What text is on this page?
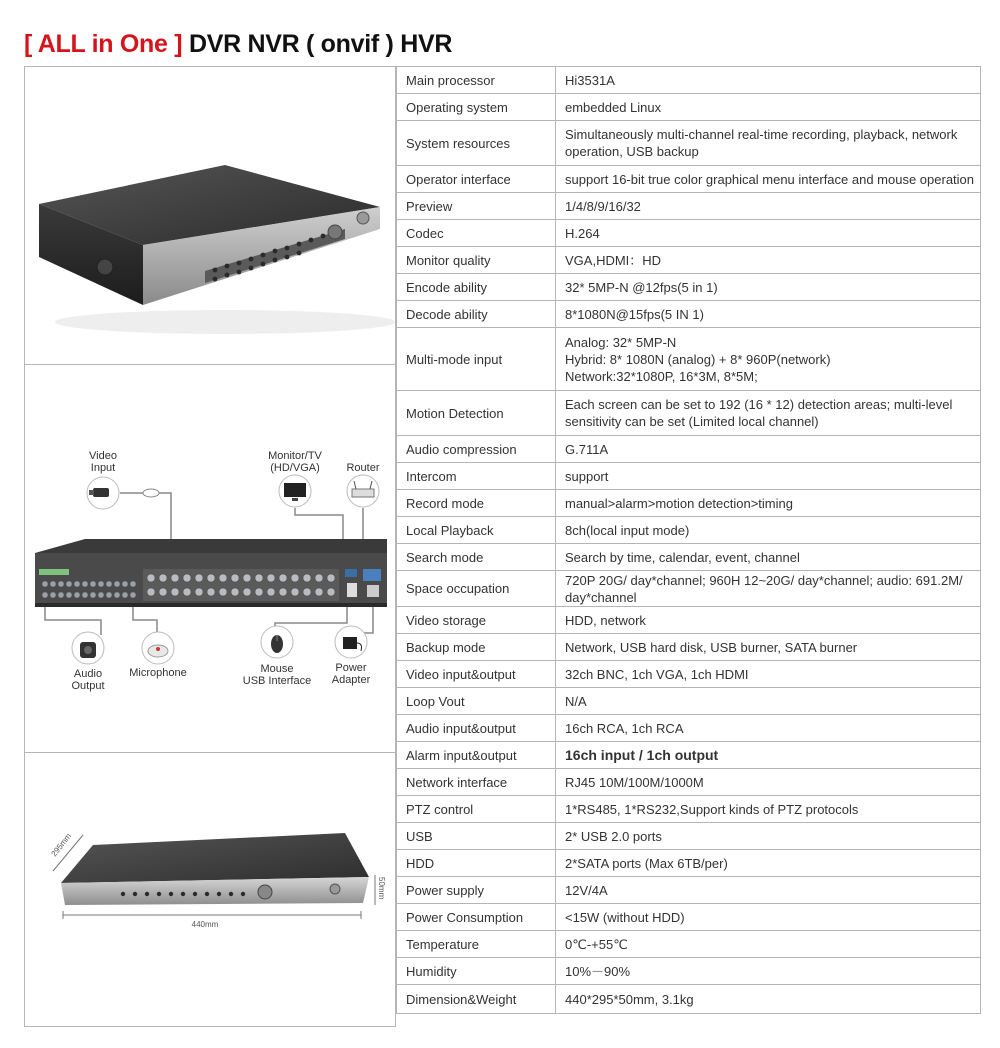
[ ALL in One ] DVR NVR ( onvif ) HVR
Video
Input
Monitor/TV
(HD/VGA) Router
Audio
Output
Microphone	Mouse
USB Interface
Power
Adapter
295mm
50mm
440mm
Main processor	Hi3531A
Operating system	embedded Linux
System resources	Simultaneously multi-channel real-time recording, playback, network operation, USB backup
Operator interface	support 16-bit true color graphical menu interface and mouse operation
Preview	1/4/8/9/16/32
Codec	H.264
Monitor quality	VGA,HDMI：HD
Encode ability	32* 5MP-N @12fps(5 in 1)
Decode ability	8*1080N@15fps(5 IN 1)
Multi-mode input	Analog: 32* 5MP-N
Hybrid: 8* 1080N (analog) + 8* 960P(network)
Network:32*1080P, 16*3M, 8*5M;

Motion Detection	Each screen can be set to 192 (16 * 12) detection areas; multi-level sensitivity can be set (Limited local channel)
Audio compression	G.711A
Intercom	support
Record mode	manual>alarm>motion detection>timing
Local Playback	8ch(local input mode)
Search mode	Search by time, calendar, event, channel
Space occupation	720P 20G/ day*channel; 960H 12~20G/ day*channel; audio: 691.2M/ day*channel
Video storage	HDD, network
Backup mode	Network, USB hard disk, USB burner, SATA burner
Video input&output	32ch BNC, 1ch VGA, 1ch HDMI
Loop Vout	N/A
Audio input&output	16ch RCA, 1ch RCA
Alarm input&output	16ch input / 1ch output
Network interface	RJ45 10M/100M/1000M
PTZ control	1*RS485, 1*RS232,Support kinds of PTZ protocols
USB	2* USB 2.0 ports
HDD	2*SATA ports (Max 6TB/per)
Power supply	12V/4A
Power Consumption	<15W (without HDD)
Temperature	0℃-+55℃
Humidity	10%－90%
Dimension&Weight	440*295*50mm, 3.1kg
